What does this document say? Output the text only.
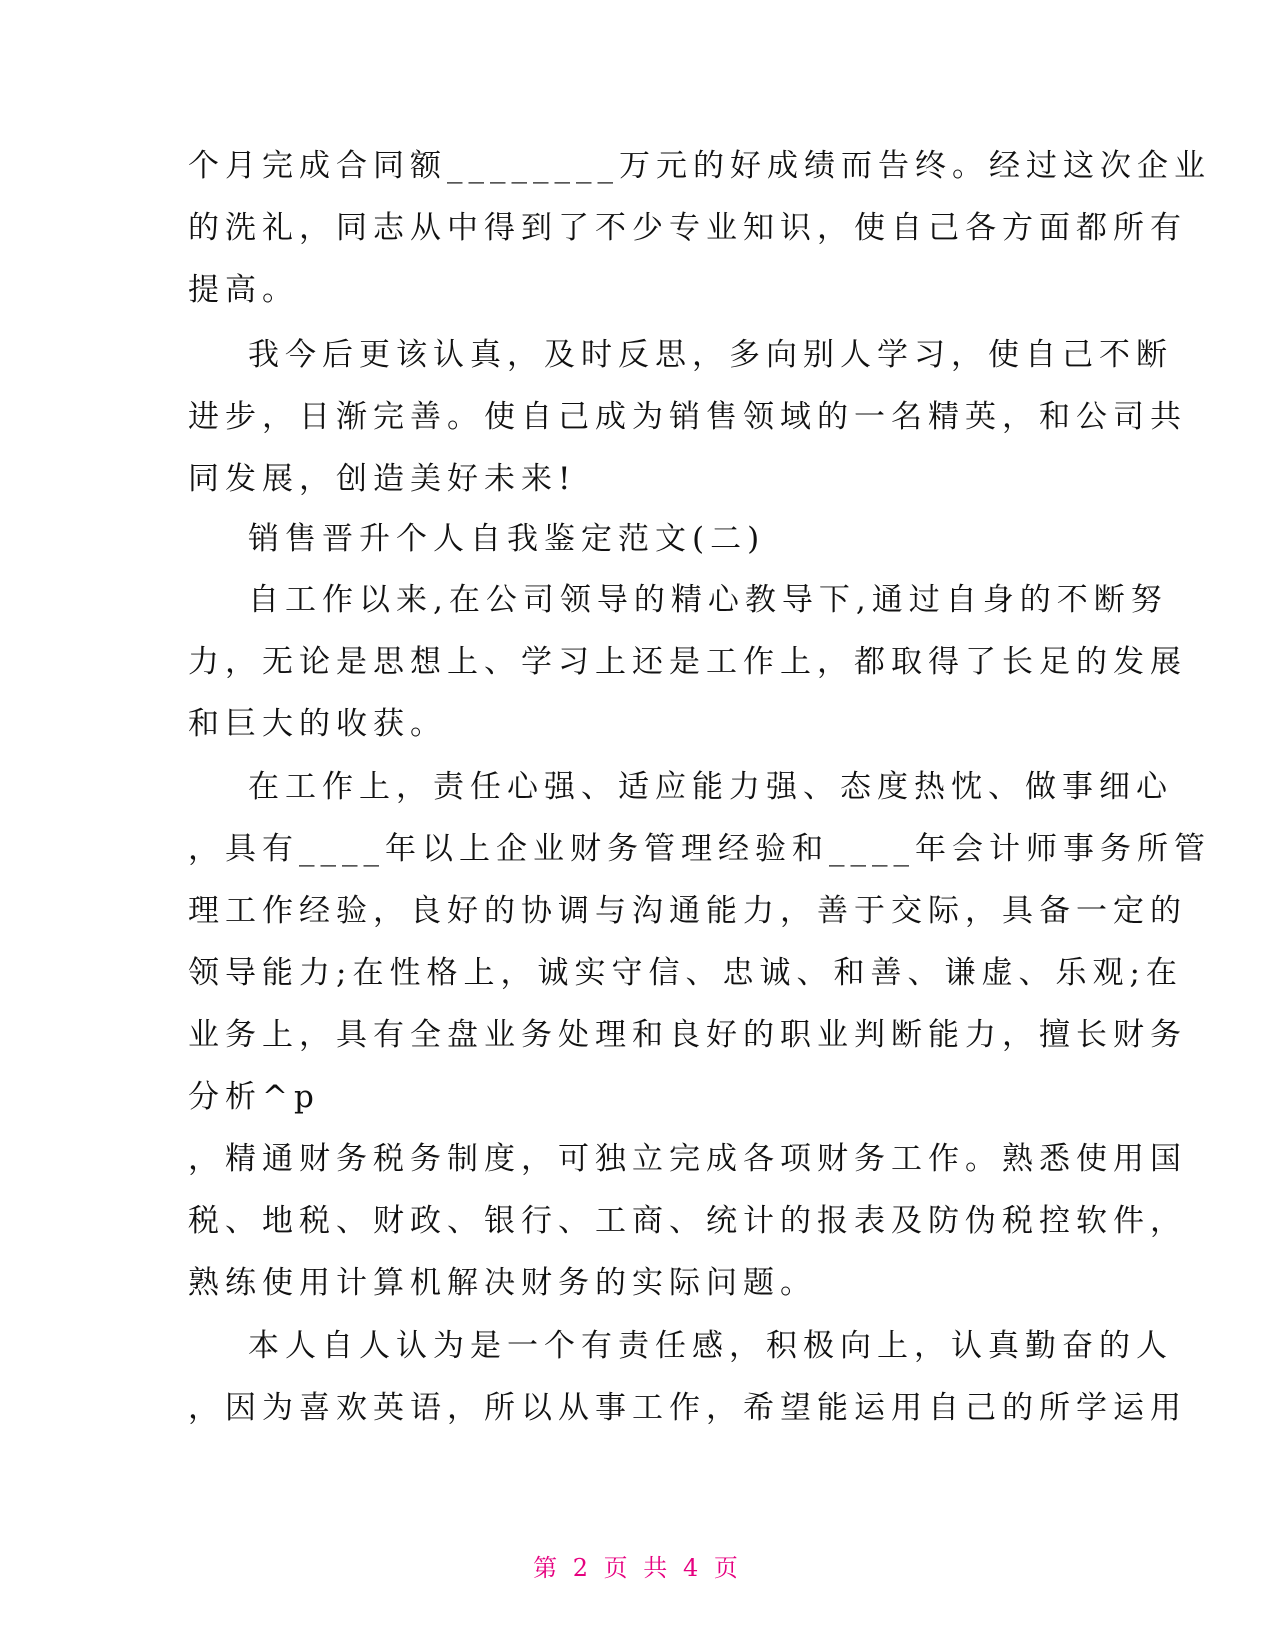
个月完成合同额________万元的好成绩而告终。经过这次企业
的洗礼，同志从中得到了不少专业知识，使自己各方面都所有
提高。
我今后更该认真，及时反思，多向别人学习，使自己不断
进步，日渐完善。使自己成为销售领域的一名精英，和公司共
同发展，创造美好未来!
销售晋升个人自我鉴定范文(二)
自工作以来,在公司领导的精心教导下,通过自身的不断努
力，无论是思想上、学习上还是工作上，都取得了长足的发展
和巨大的收获。
在工作上，责任心强、适应能力强、态度热忱、做事细心
，具有____年以上企业财务管理经验和____年会计师事务所管
理工作经验，良好的协调与沟通能力，善于交际，具备一定的
领导能力;在性格上，诚实守信、忠诚、和善、谦虚、乐观;在
业务上，具有全盘业务处理和良好的职业判断能力，擅长财务
分析^p
，精通财务税务制度，可独立完成各项财务工作。熟悉使用国
税、地税、财政、银行、工商、统计的报表及防伪税控软件，
熟练使用计算机解决财务的实际问题。
本人自人认为是一个有责任感，积极向上，认真勤奋的人
，因为喜欢英语，所以从事工作，希望能运用自己的所学运用
第 2 页 共 4 页
